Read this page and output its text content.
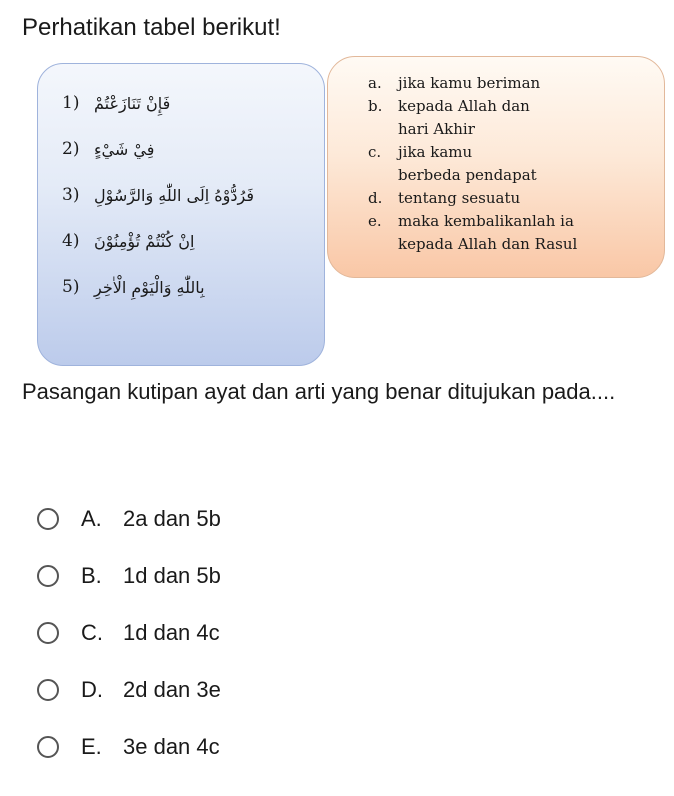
Perhatikan tabel berikut!
1) فَإِنْ تَنَازَعْتُمْ
2) فِيْ شَيْءٍ
3) فَرُدُّوْهُ اِلَى اللّٰهِ وَالرَّسُوْلِ
4) اِنْ كُنْتُمْ تُؤْمِنُوْنَ
5) بِاللّٰهِ وَالْيَوْمِ الْاٰخِرِ
a.	jika kamu beriman
b.	kepada Allah dan hari Akhir
c.	jika kamu berbeda pendapat
d.	tentang sesuatu
e.	maka kembalikanlah ia kepada Allah dan Rasul

Pasangan kutipan ayat dan arti yang benar ditujukan pada....

A. 2a dan 5b
B. 1d dan 5b
C. 1d dan 4c
D. 2d dan 3e
E. 3e dan 4c
